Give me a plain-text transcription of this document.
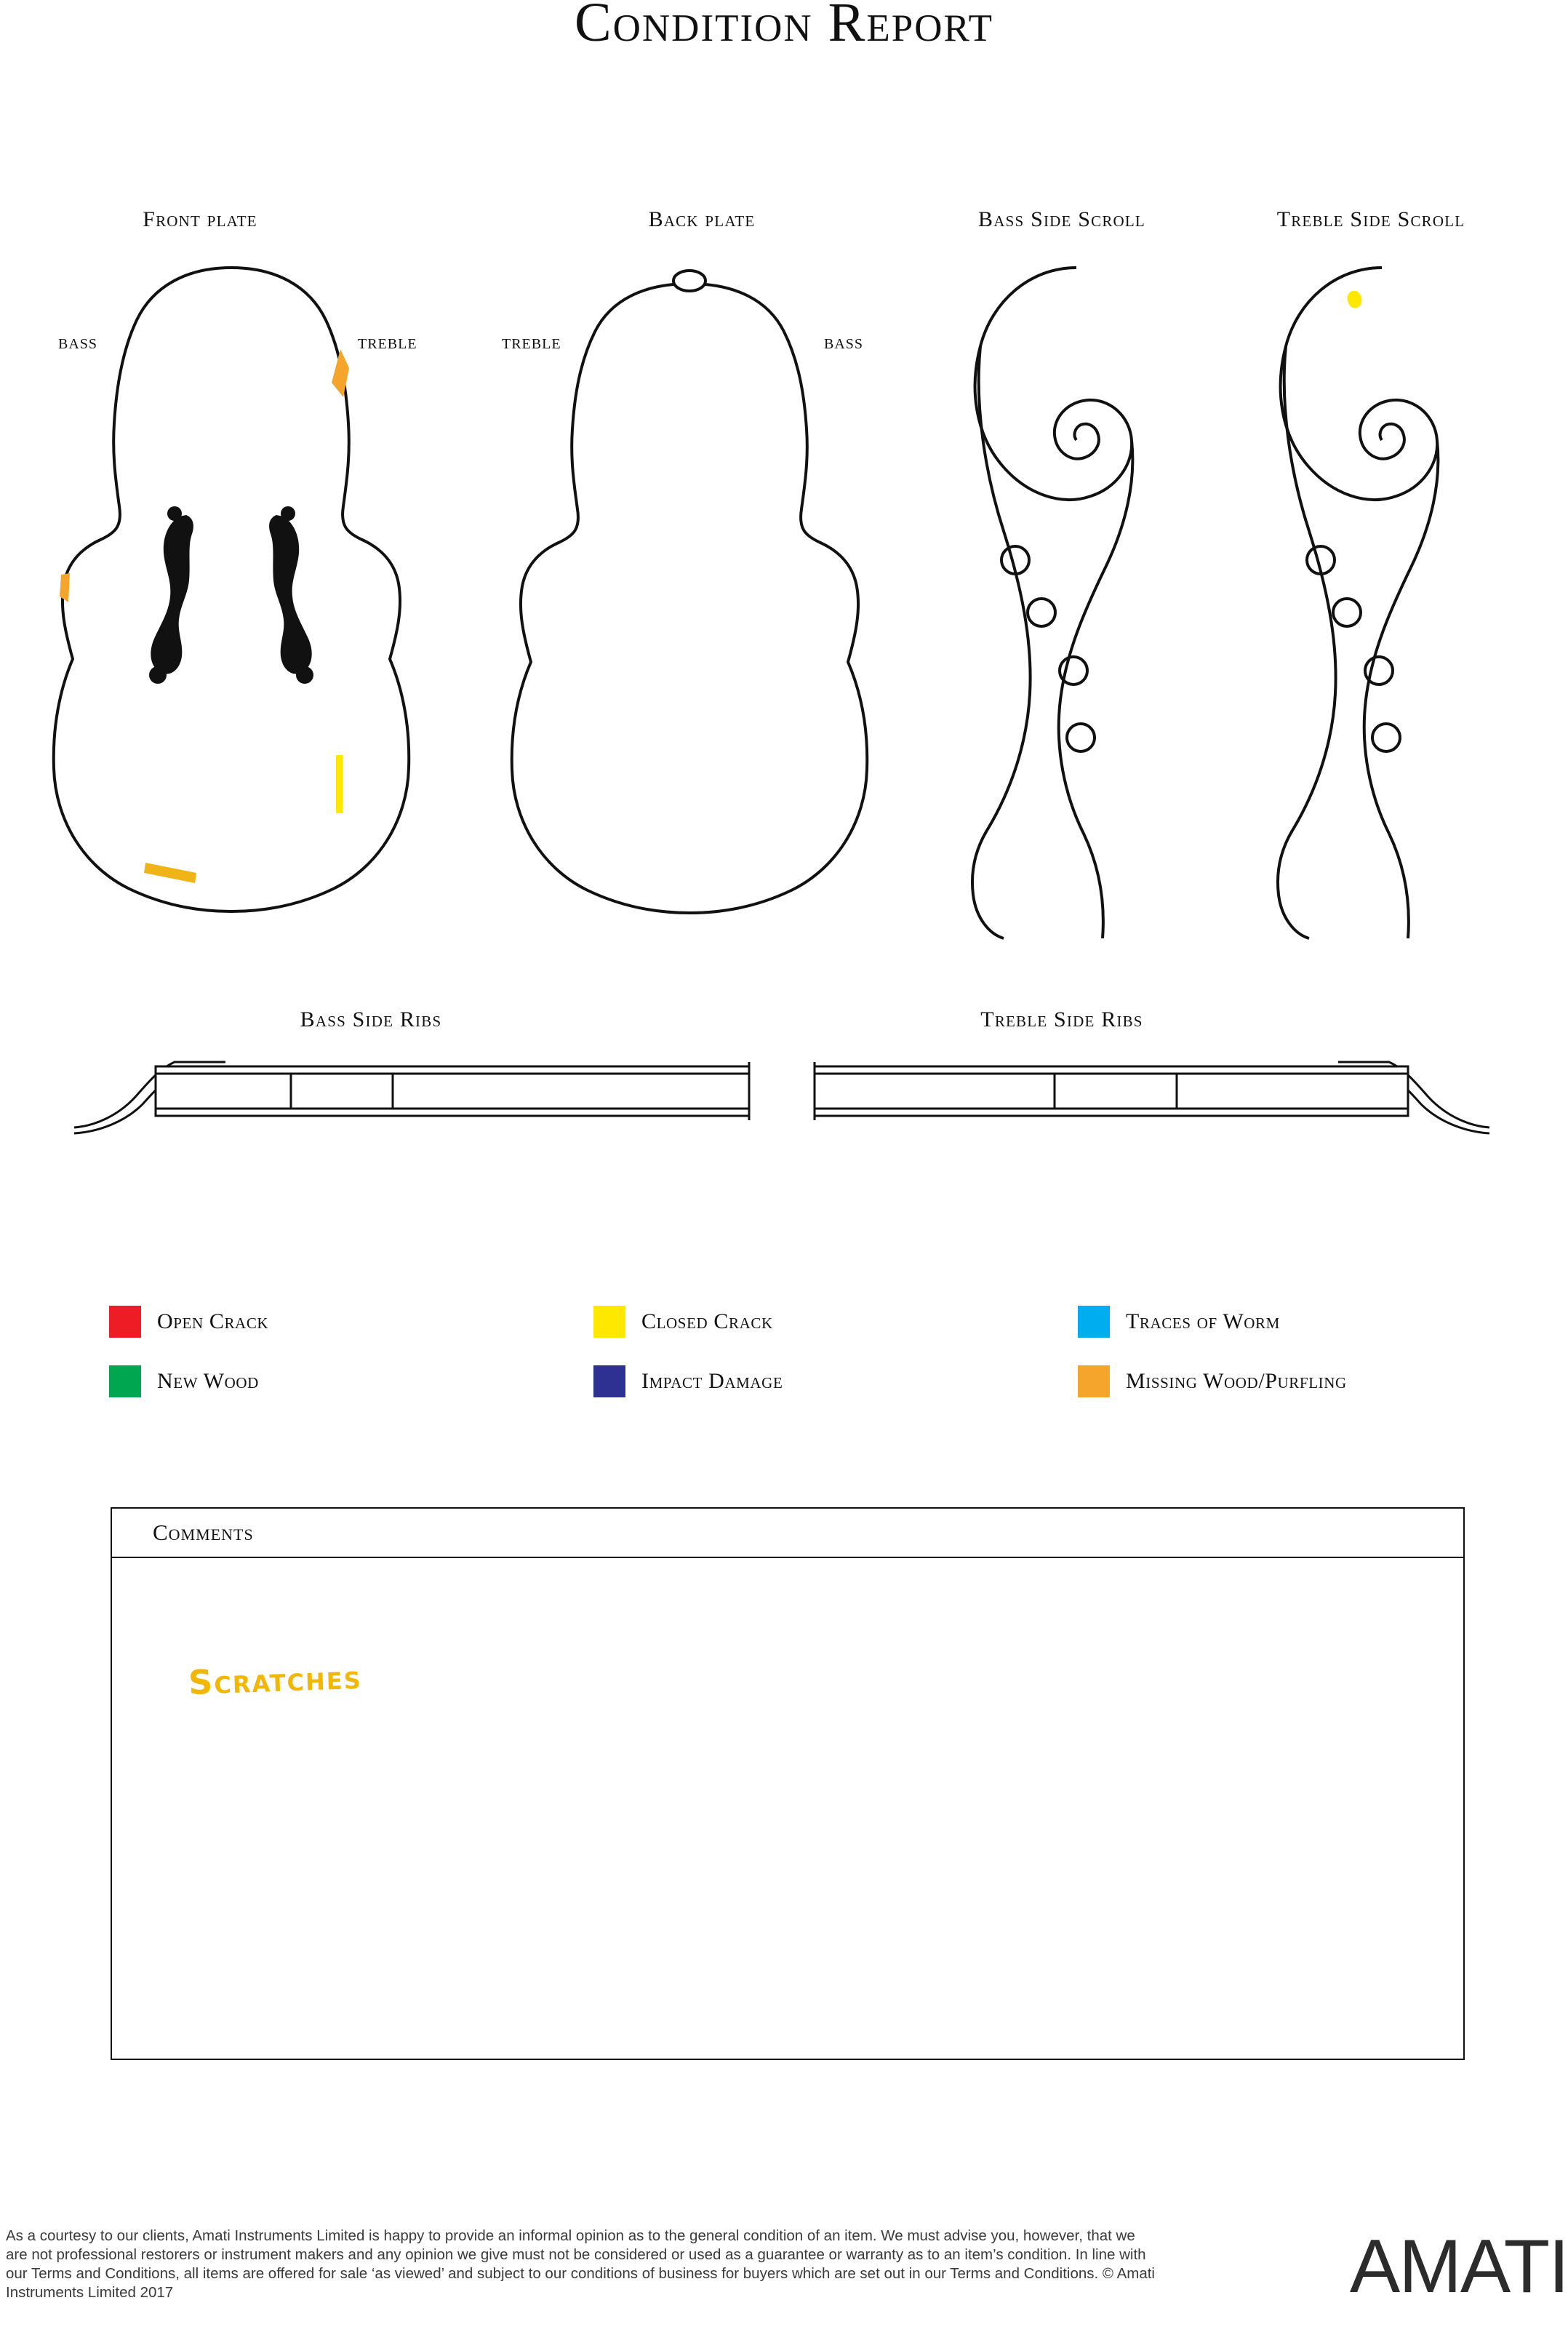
Condition Report
Front plate	Back plate	Bass Side Scroll	Treble Side Scroll
BASS	TREBLE	TREBLE	BASS
Bass Side Ribs	Treble Side Ribs
Open Crack	Closed Crack	Traces of Worm
New Wood	Impact Damage	Missing Wood/Purfling
Comments
Scratches
As a courtesy to our clients, Amati Instruments Limited is happy to provide an informal opinion as to the general condition of an item. We must advise you, however, that we are not professional restorers or instrument makers and any opinion we give must not be considered or used as a guarantee or warranty as to an item’s condition. In line with our Terms and Conditions, all items are offered for sale ‘as viewed’ and subject to our conditions of business for buyers which are set out in our Terms and Conditions. © Amati Instruments Limited 2017	AMATI
